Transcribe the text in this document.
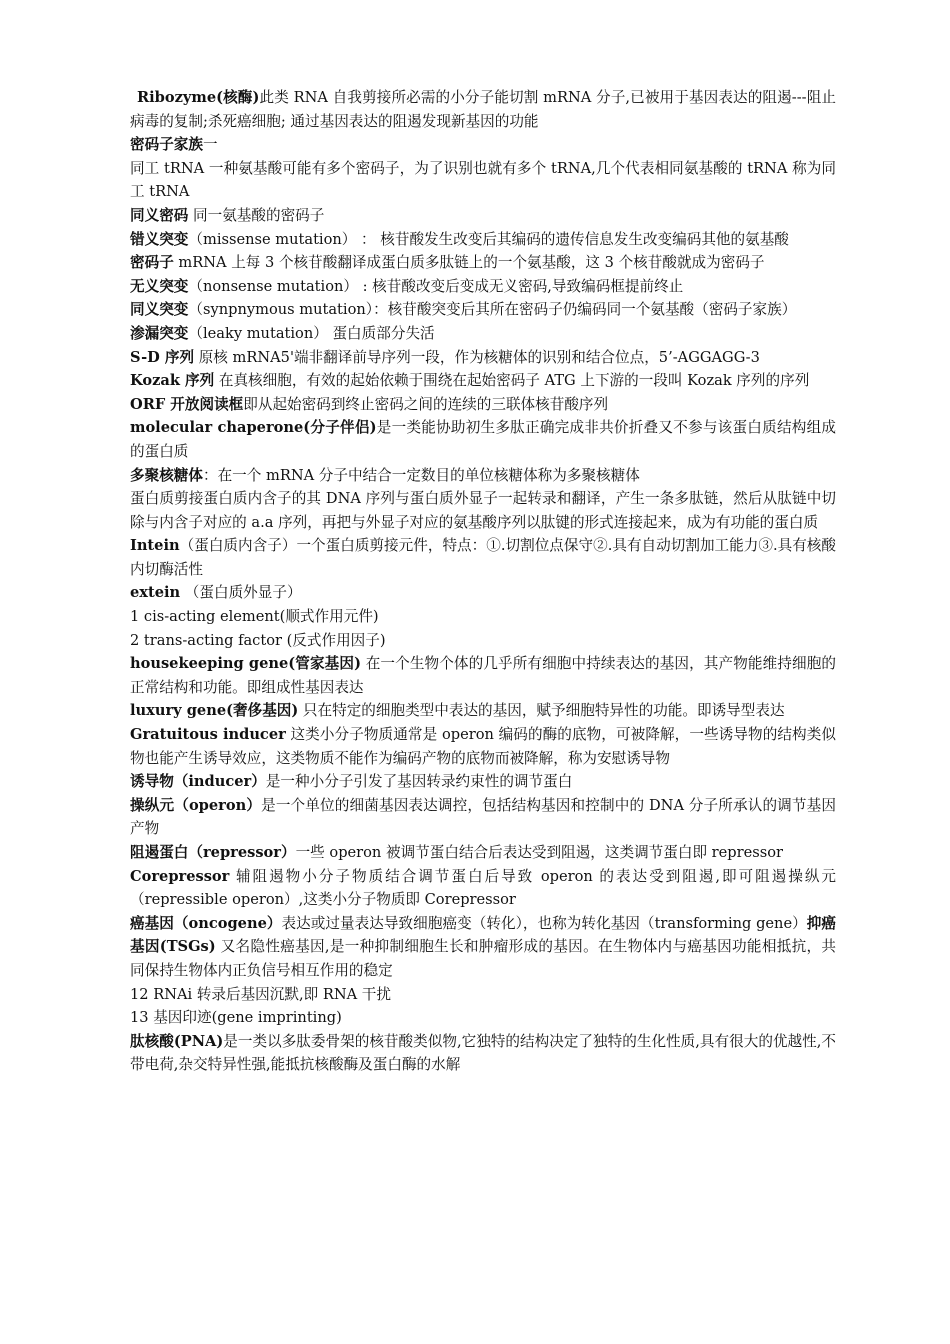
Ribozyme(核酶)此类 RNA 自我剪接所必需的小分子能切割 mRNA 分子,已被用于基因表达的阻遏---阻止病毒的复制;杀死癌细胞; 通过基因表达的阻遏发现新基因的功能

密码子家族一

同工 tRNA 一种氨基酸可能有多个密码子，为了识别也就有多个 tRNA,几个代表相同氨基酸的 tRNA 称为同工 tRNA

同义密码 同一氨基酸的密码子

错义突变（missense mutation） ： 核苷酸发生改变后其编码的遗传信息发生改变编码其他的氨基酸

密码子 mRNA 上每 3 个核苷酸翻译成蛋白质多肽链上的一个氨基酸，这 3 个核苷酸就成为密码子

无义突变（nonsense mutation） : 核苷酸改变后变成无义密码,导致编码框提前终止

同义突变（synpnymous mutation）：核苷酸突变后其所在密码子仍编码同一个氨基酸（密码子家族）

渗漏突变（leaky mutation） 蛋白质部分失活

S-D 序列 原核 mRNA5'端非翻译前导序列一段，作为核糖体的识别和结合位点，5’-AGGAGG-3

Kozak 序列 在真核细胞，有效的起始依赖于围绕在起始密码子 ATG 上下游的一段叫 Kozak 序列的序列

ORF 开放阅读框即从起始密码到终止密码之间的连续的三联体核苷酸序列

molecular chaperone(分子伴侣)是一类能协助初生多肽正确完成非共价折叠又不参与该蛋白质结构组成的蛋白质

多聚核糖体：在一个 mRNA 分子中结合一定数目的单位核糖体称为多聚核糖体

蛋白质剪接蛋白质内含子的其 DNA 序列与蛋白质外显子一起转录和翻译，产生一条多肽链，然后从肽链中切除与内含子对应的 a.a 序列，再把与外显子对应的氨基酸序列以肽键的形式连接起来，成为有功能的蛋白质

Intein（蛋白质内含子）一个蛋白质剪接元件，特点：①.切割位点保守②.具有自动切割加工能力③.具有核酸内切酶活性

extein （蛋白质外显子）

1 cis-acting element(顺式作用元件)

2 trans-acting factor (反式作用因子)

housekeeping gene(管家基因) 在一个生物个体的几乎所有细胞中持续表达的基因，其产物能维持细胞的正常结构和功能。即组成性基因表达

luxury gene(奢侈基因) 只在特定的细胞类型中表达的基因，赋予细胞特异性的功能。即诱导型表达

Gratuitous inducer 这类小分子物质通常是 operon 编码的酶的底物，可被降解，一些诱导物的结构类似物也能产生诱导效应，这类物质不能作为编码产物的底物而被降解，称为安慰诱导物

诱导物（inducer）是一种小分子引发了基因转录约束性的调节蛋白

操纵元（operon）是一个单位的细菌基因表达调控，包括结构基因和控制中的 DNA 分子所承认的调节基因产物

阻遏蛋白（repressor）一些 operon 被调节蛋白结合后表达受到阻遏，这类调节蛋白即 repressor

Corepressor 辅阻遏物小分子物质结合调节蛋白后导致 operon 的表达受到阻遏,即可阻遏操纵元（repressible operon）,这类小分子物质即 Corepressor

癌基因（oncogene）表达或过量表达导致细胞癌变（转化），也称为转化基因（transforming gene）抑癌基因(TSGs) 又名隐性癌基因,是一种抑制细胞生长和肿瘤形成的基因。在生物体内与癌基因功能相抵抗，共同保持生物体内正负信号相互作用的稳定

12 RNAi 转录后基因沉默,即 RNA 干扰

13 基因印迹(gene imprinting)

肽核酸(PNA)是一类以多肽委骨架的核苷酸类似物,它独特的结构决定了独特的生化性质,具有很大的优越性,不带电荷,杂交特异性强,能抵抗核酸酶及蛋白酶的水解
